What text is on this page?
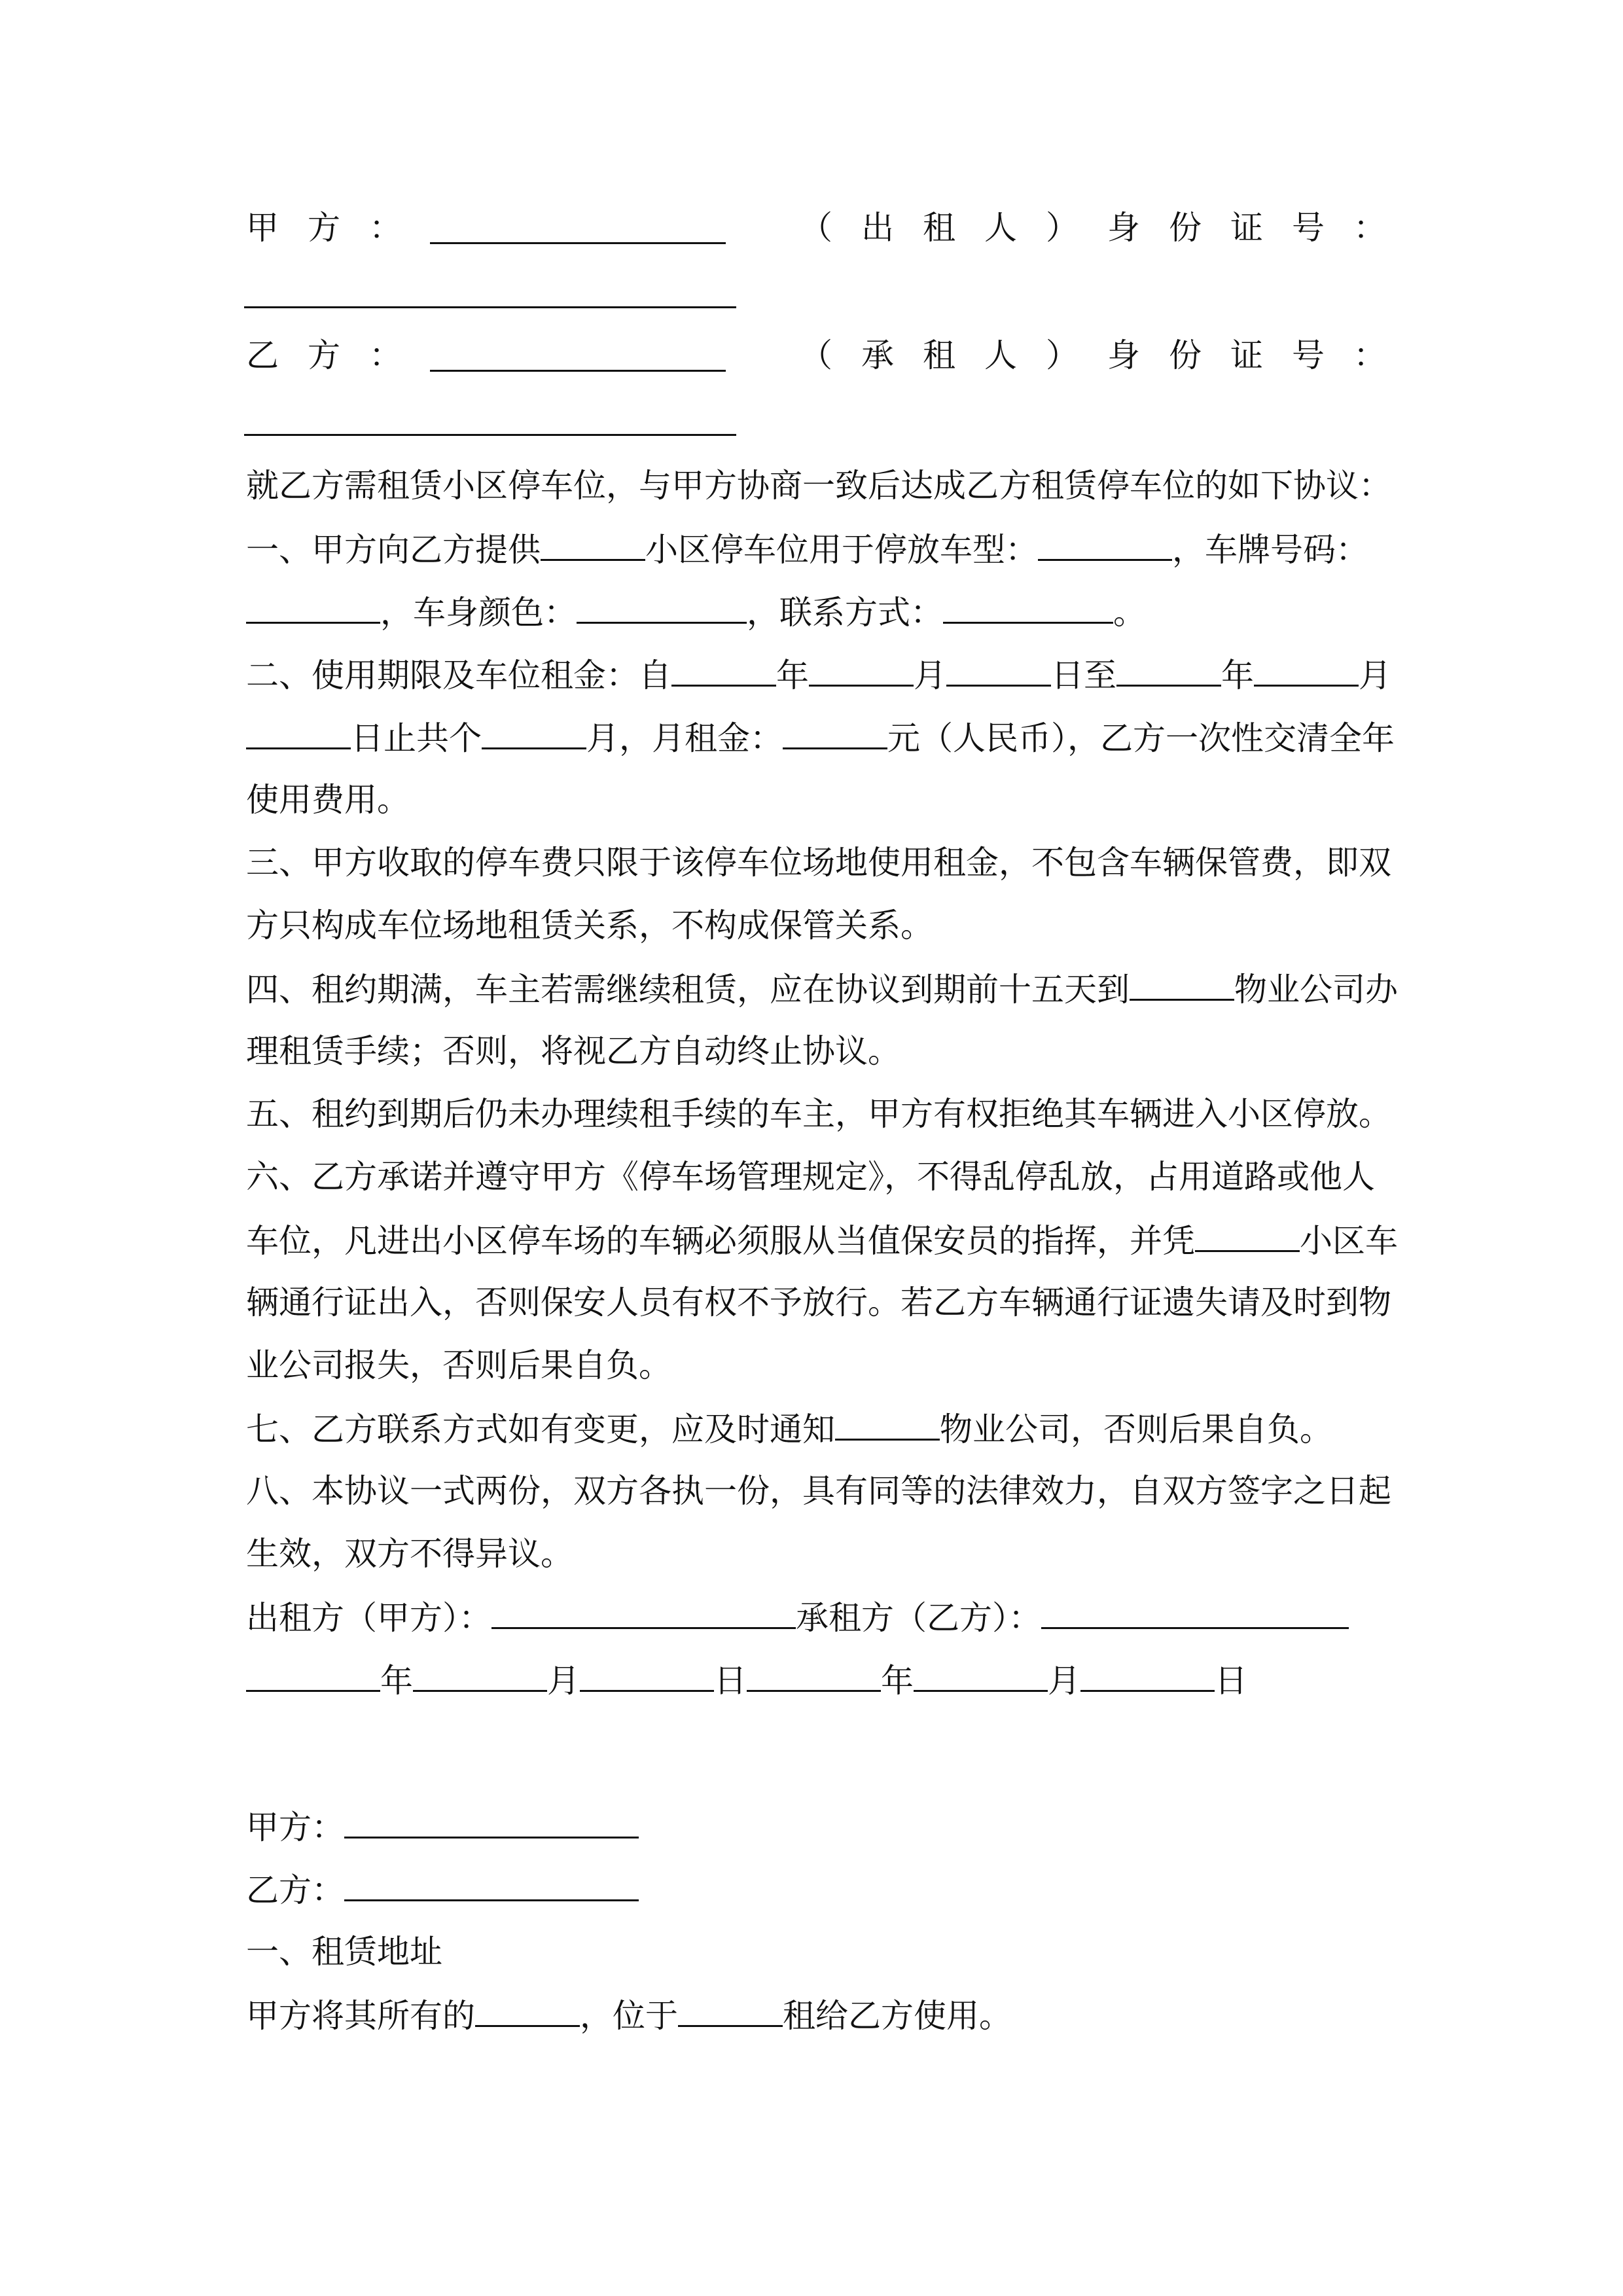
甲方：	（出租人）身份证号：
乙方：	（承租人）身份证号：
就乙方需租赁小区停车位，与甲方协商一致后达成乙方租赁停车位的如下协议：
一、甲方向乙方提供	小区停车位用于停放车型：	，车牌号码：
，车身颜色：	，联系方式：	。
二、使用期限及车位租金：自	年	月	日至	年	月
日止共个	月，月租金：	元（人民币），乙方一次性交清全年
使用费用。
三、甲方收取的停车费只限于该停车位场地使用租金，不包含车辆保管费，即双
方只构成车位场地租赁关系，不构成保管关系。
四、租约期满，车主若需继续租赁，应在协议到期前十五天到	物业公司办
理租赁手续；否则，将视乙方自动终止协议。
五、租约到期后仍未办理续租手续的车主，甲方有权拒绝其车辆进入小区停放。
六、乙方承诺并遵守甲方《停车场管理规定》，不得乱停乱放，占用道路或他人
车位，凡进出小区停车场的车辆必须服从当值保安员的指挥，并凭	小区车
辆通行证出入，否则保安人员有权不予放行。若乙方车辆通行证遗失请及时到物
业公司报失，否则后果自负。
七、乙方联系方式如有变更，应及时通知	物业公司，否则后果自负。
八、本协议一式两份，双方各执一份，具有同等的法律效力，自双方签字之日起
生效，双方不得异议。
出租方（甲方）：	承租方（乙方）：
年	月	日	年	月	日
甲方：
乙方：
一、租赁地址
甲方将其所有的	，位于	租给乙方使用。
